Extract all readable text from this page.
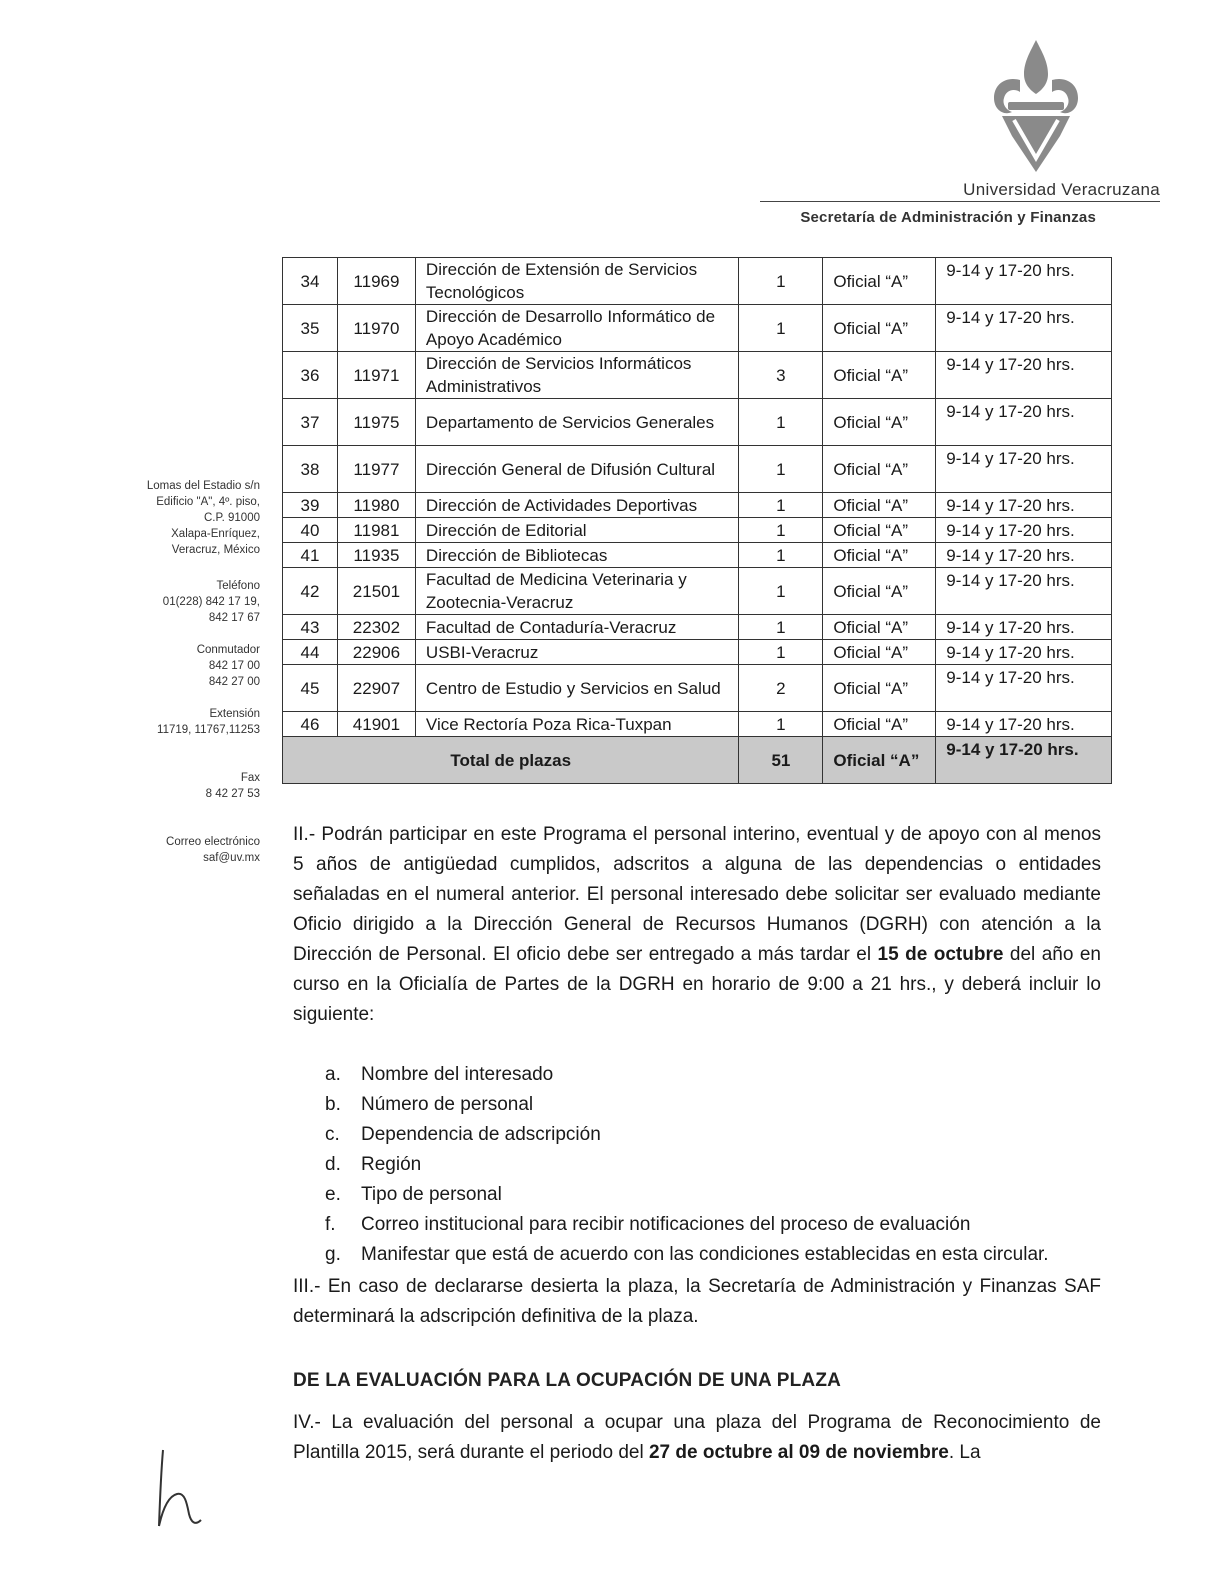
Universidad Veracruzana
Secretaría de Administración y Finanzas

Lomas del Estadio s/n

Edificio "A", 4º. piso,

C.P. 91000

Xalapa-Enríquez,

Veracruz, México

Teléfono

01(228) 842 17 19,

842 17 67

Conmutador

842 17 00

842 27 00

Extensión

11719, 11767,11253

Fax

8 42 27 53

Correo electrónico

saf@uv.mx

34	11969	Dirección de Extensión de Servicios Tecnológicos	1	Oficial “A”	9-14 y 17-20 hrs.
35	11970	Dirección de Desarrollo Informático de Apoyo Académico	1	Oficial “A”	9-14 y 17-20 hrs.
36	11971	Dirección de Servicios Informáticos Administrativos	3	Oficial “A”	9-14 y 17-20 hrs.
37	11975	Departamento de Servicios Generales	1	Oficial “A”	9-14 y 17-20 hrs.
38	11977	Dirección General de Difusión Cultural	1	Oficial “A”	9-14 y 17-20 hrs.
39	11980	Dirección de Actividades Deportivas	1	Oficial “A”	9-14 y 17-20 hrs.
40	11981	Dirección de Editorial	1	Oficial “A”	9-14 y 17-20 hrs.
41	11935	Dirección de Bibliotecas	1	Oficial “A”	9-14 y 17-20 hrs.
42	21501	Facultad de Medicina Veterinaria y Zootecnia-Veracruz	1	Oficial “A”	9-14 y 17-20 hrs.
43	22302	Facultad de Contaduría-Veracruz	1	Oficial “A”	9-14 y 17-20 hrs.
44	22906	USBI-Veracruz	1	Oficial “A”	9-14 y 17-20 hrs.
45	22907	Centro de Estudio y Servicios en Salud	2	Oficial “A”	9-14 y 17-20 hrs.
46	41901	Vice Rectoría Poza Rica-Tuxpan	1	Oficial “A”	9-14 y 17-20 hrs.
Total de plazas			51	Oficial “A”	9-14 y 17-20 hrs.

II.- Podrán participar en este Programa el personal interino, eventual y de apoyo con al menos 5 años de antigüedad cumplidos, adscritos a alguna de las dependencias o entidades señaladas en el numeral anterior. El personal interesado debe solicitar ser evaluado mediante Oficio dirigido a la Dirección General de Recursos Humanos (DGRH) con atención a la Dirección de Personal. El oficio debe ser entregado a más tardar el 15 de octubre del año en curso en la Oficialía de Partes de la DGRH en horario de 9:00 a 21 hrs., y deberá incluir lo siguiente:

a.	Nombre del interesado
b.	Número de personal
c.	Dependencia de adscripción
d.	Región
e.	Tipo de personal
f.	Correo institucional para recibir notificaciones del proceso de evaluación
g.	Manifestar que está de acuerdo con las condiciones establecidas en esta circular.

III.- En caso de declararse desierta la plaza, la Secretaría de Administración y Finanzas SAF determinará la adscripción definitiva de la plaza.

DE LA EVALUACIÓN PARA LA OCUPACIÓN DE UNA PLAZA

IV.- La evaluación del personal a ocupar una plaza del Programa de Reconocimiento de Plantilla 2015, será durante el periodo del 27 de octubre al 09 de noviembre. La
